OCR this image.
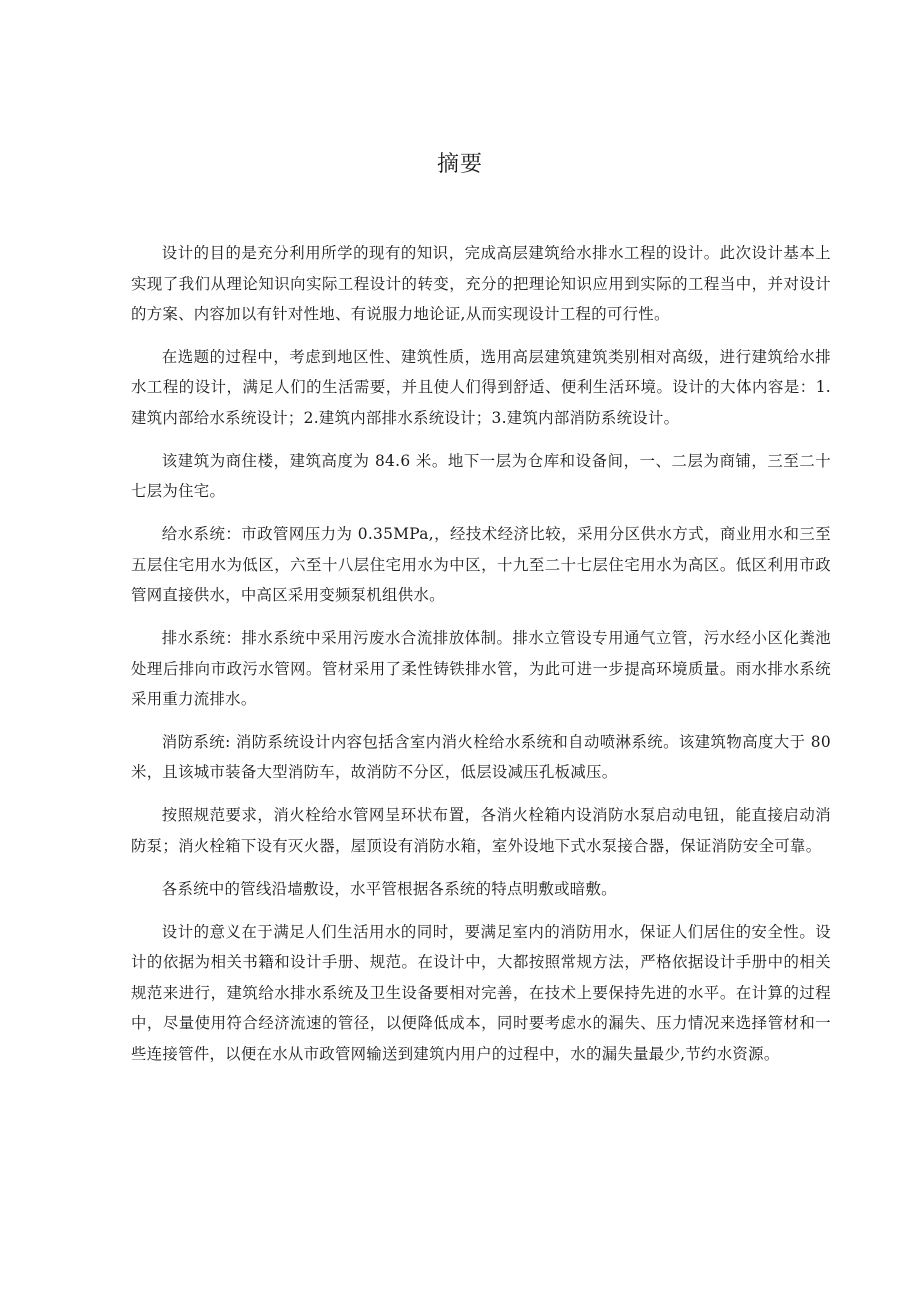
摘要

设计的目的是充分利用所学的现有的知识，完成高层建筑给水排水工程的设计。此次设计基本上实现了我们从理论知识向实际工程设计的转变，充分的把理论知识应用到实际的工程当中，并对设计的方案、内容加以有针对性地、有说服力地论证,从而实现设计工程的可行性。

在选题的过程中，考虑到地区性、建筑性质，选用高层建筑建筑类别相对高级，进行建筑给水排水工程的设计，满足人们的生活需要，并且使人们得到舒适、便利生活环境。设计的大体内容是：1.建筑内部给水系统设计；2.建筑内部排水系统设计；3.建筑内部消防系统设计。

该建筑为商住楼，建筑高度为 84.6 米。地下一层为仓库和设备间，一、二层为商铺，三至二十七层为住宅。

给水系统：市政管网压力为 0.35MPa,，经技术经济比较，采用分区供水方式，商业用水和三至五层住宅用水为低区，六至十八层住宅用水为中区，十九至二十七层住宅用水为高区。低区利用市政管网直接供水，中高区采用变频泵机组供水。

排水系统：排水系统中采用污废水合流排放体制。排水立管设专用通气立管，污水经小区化粪池处理后排向市政污水管网。管材采用了柔性铸铁排水管，为此可进一步提高环境质量。雨水排水系统采用重力流排水。

消防系统: 消防系统设计内容包括含室内消火栓给水系统和自动喷淋系统。该建筑物高度大于 80 米，且该城市装备大型消防车，故消防不分区，低层设减压孔板减压。

按照规范要求，消火栓给水管网呈环状布置，各消火栓箱内设消防水泵启动电钮，能直接启动消防泵；消火栓箱下设有灭火器，屋顶设有消防水箱，室外设地下式水泵接合器，保证消防安全可靠。

各系统中的管线沿墙敷设，水平管根据各系统的特点明敷或暗敷。

设计的意义在于满足人们生活用水的同时，要满足室内的消防用水，保证人们居住的安全性。设计的依据为相关书籍和设计手册、规范。在设计中，大都按照常规方法，严格依据设计手册中的相关规范来进行，建筑给水排水系统及卫生设备要相对完善，在技术上要保持先进的水平。在计算的过程中，尽量使用符合经济流速的管径，以便降低成本，同时要考虑水的漏失、压力情况来选择管材和一些连接管件，以便在水从市政管网输送到建筑内用户的过程中，水的漏失量最少,节约水资源。
